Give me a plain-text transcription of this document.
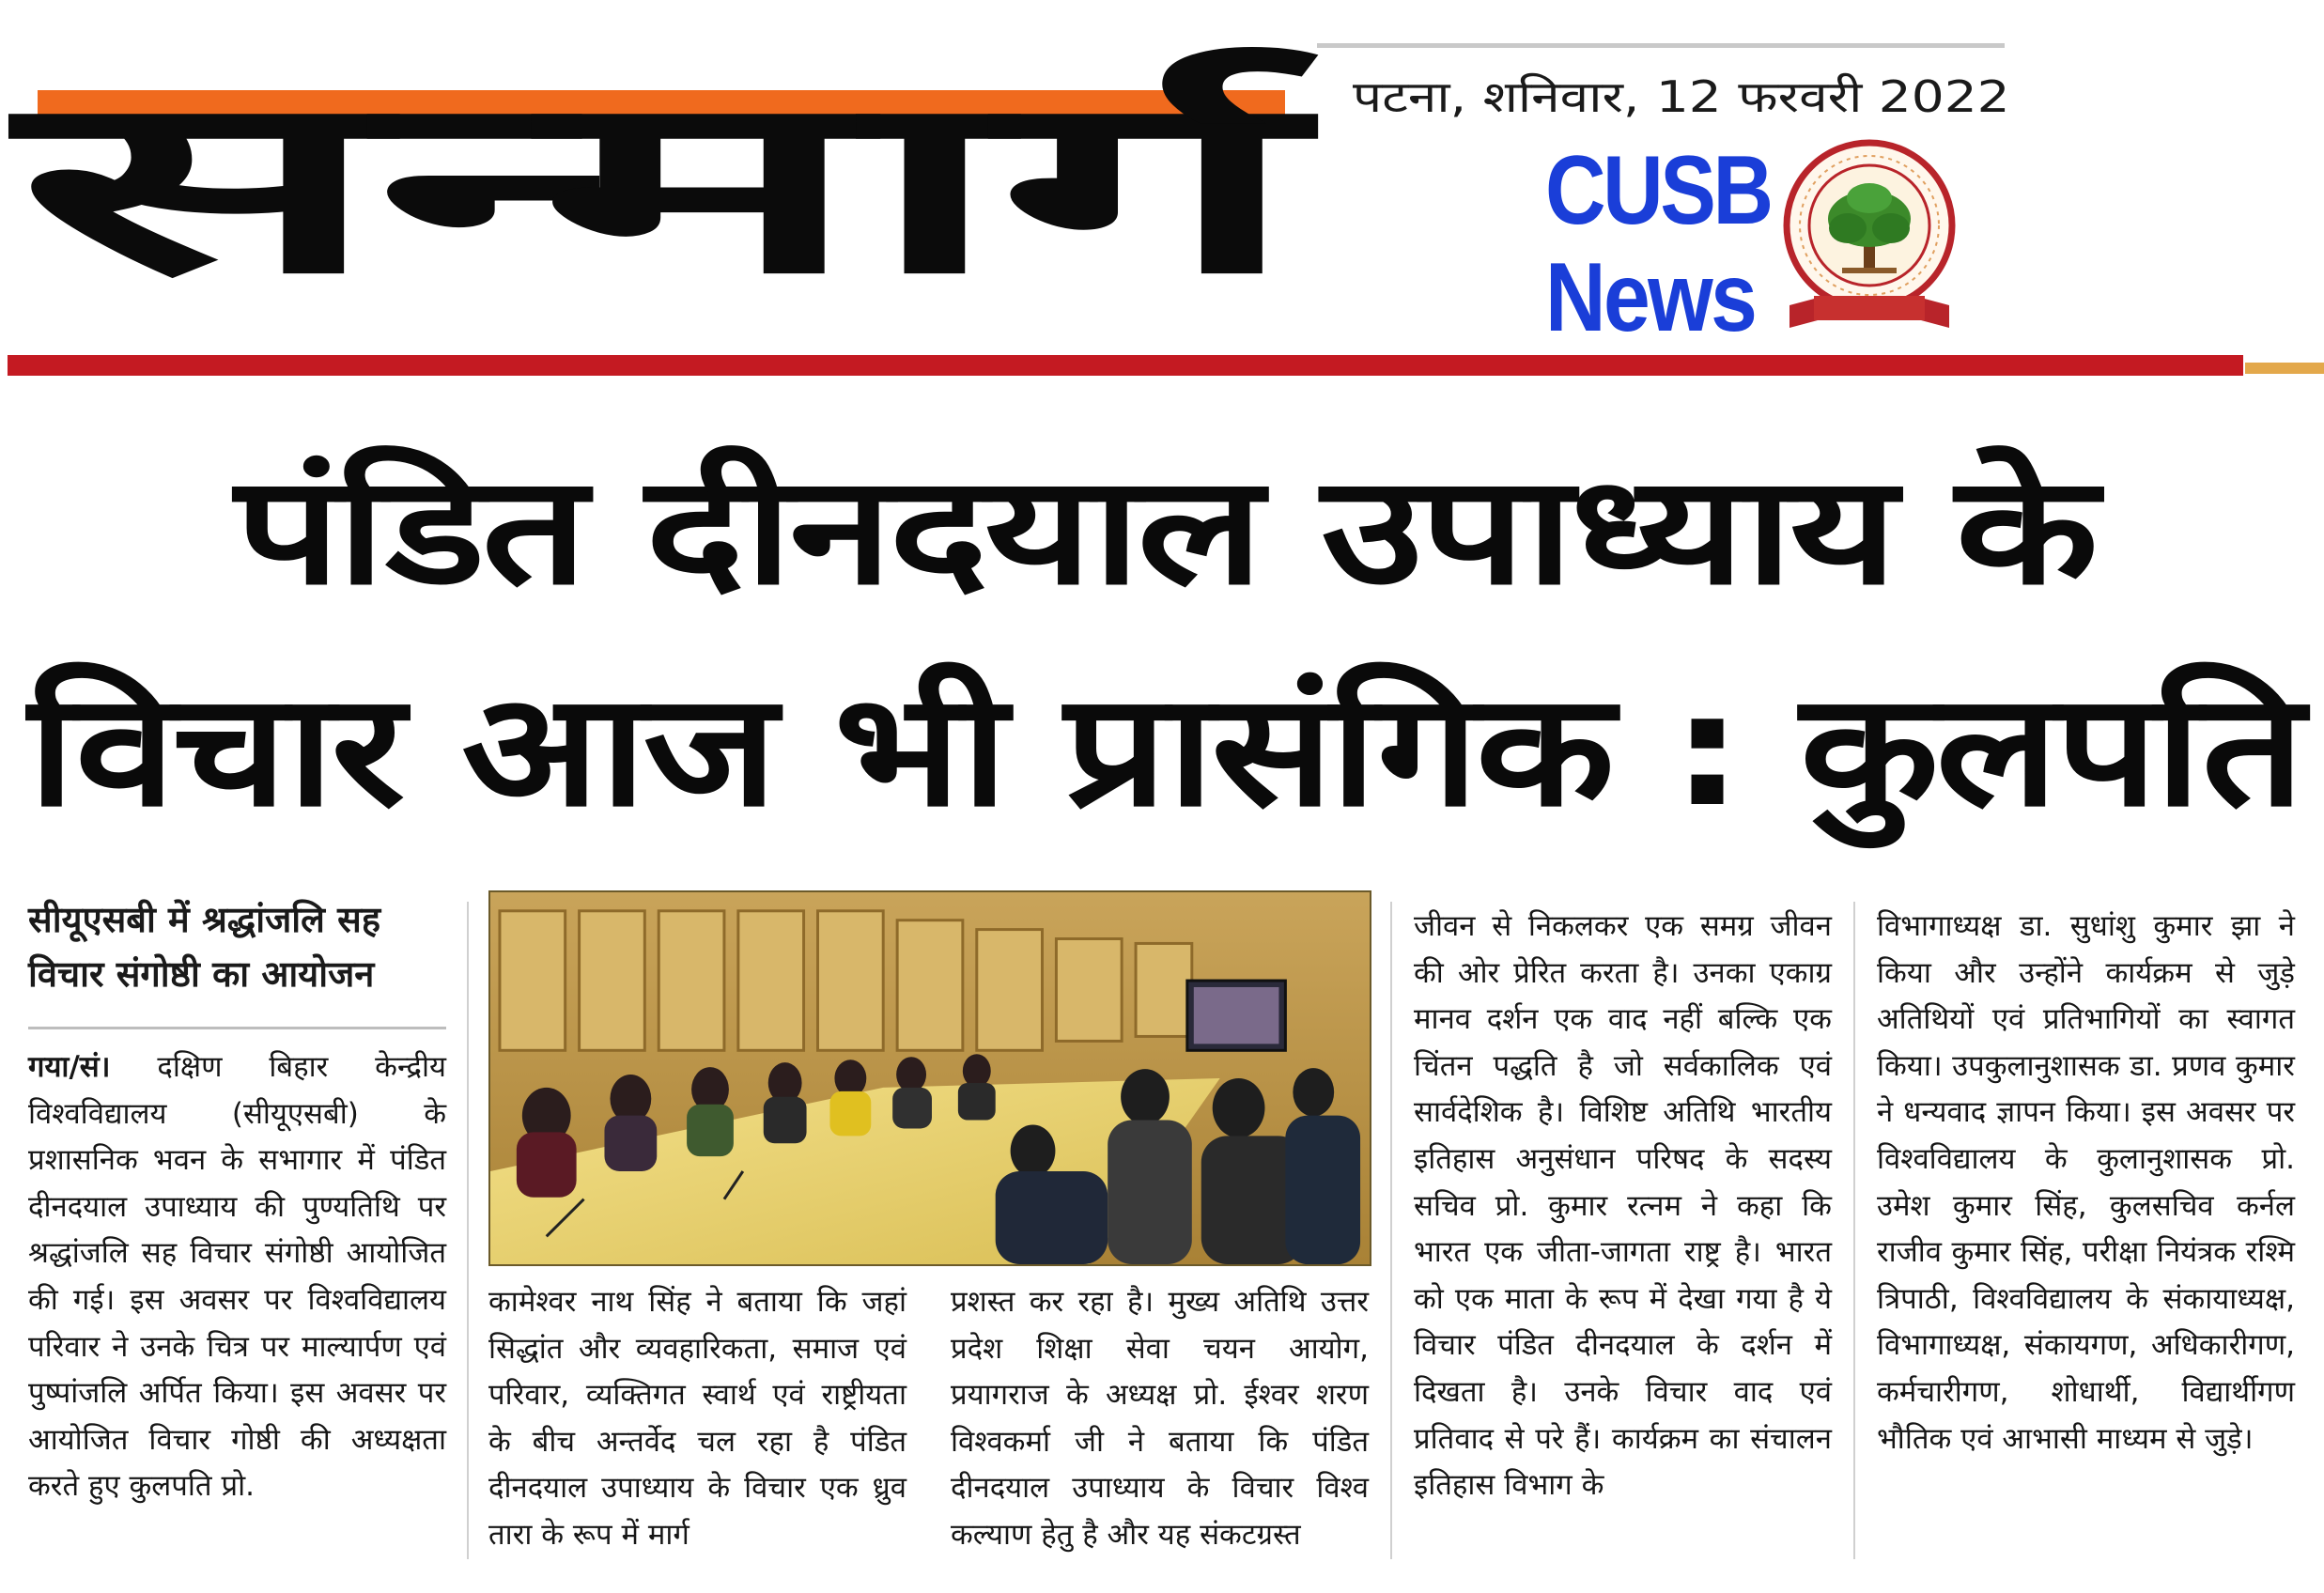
सन्मार्ग पटना, शनिवार, 12 फरवरी 2022
CUSB
News
पंडित दीनदयाल उपाध्याय के
विचार आज भी प्रासंगिक : कुलपति
सीयूएसबी में श्रद्धांजलि सह विचार संगोष्ठी का आयोजन

गया/सं। दक्षिण बिहार केन्द्रीय विश्वविद्यालय (सीयूएसबी) के प्रशासनिक भवन के सभागार में पंडित दीनदयाल उपाध्याय की पुण्यतिथि पर श्रद्धांजलि सह विचार संगोष्ठी आयोजित की गई। इस अवसर पर विश्वविद्यालय परिवार ने उनके चित्र पर माल्यार्पण एवं पुष्पांजलि अर्पित किया। इस अवसर पर आयोजित विचार गोष्ठी की अध्यक्षता करते हुए कुलपति प्रो.

कामेश्वर नाथ सिंह ने बताया कि जहां सिद्धांत और व्यवहारिकता, समाज एवं परिवार, व्यक्तिगत स्वार्थ एवं राष्ट्रीयता के बीच अन्तर्वेद चल रहा है पंडित दीनदयाल उपाध्याय के विचार एक ध्रुव तारा के रूप में मार्ग

प्रशस्त कर रहा है। मुख्य अतिथि उत्तर प्रदेश शिक्षा सेवा चयन आयोग, प्रयागराज के अध्यक्ष प्रो. ईश्वर शरण विश्वकर्मा जी ने बताया कि पंडित दीनदयाल उपाध्याय के विचार विश्व कल्याण हेतु है और यह संकटग्रस्त

जीवन से निकलकर एक समग्र जीवन की ओर प्रेरित करता है। उनका एकाग्र मानव दर्शन एक वाद नहीं बल्कि एक चिंतन पद्धति है जो सर्वकालिक एवं सार्वदेशिक है। विशिष्ट अतिथि भारतीय इतिहास अनुसंधान परिषद के सदस्य सचिव प्रो. कुमार रत्नम ने कहा कि भारत एक जीता-जागता राष्ट्र है। भारत को एक माता के रूप में देखा गया है ये विचार पंडित दीनदयाल के दर्शन में दिखता है। उनके विचार वाद एवं प्रतिवाद से परे हैं। कार्यक्रम का संचालन इतिहास विभाग के

विभागाध्यक्ष डा. सुधांशु कुमार झा ने किया और उन्होंने कार्यक्रम से जुड़े अतिथियों एवं प्रतिभागियों का स्वागत किया। उपकुलानुशासक डा. प्रणव कुमार ने धन्यवाद ज्ञापन किया। इस अवसर पर विश्वविद्यालय के कुलानुशासक प्रो. उमेश कुमार सिंह, कुलसचिव कर्नल राजीव कुमार सिंह, परीक्षा नियंत्रक रश्मि त्रिपाठी, विश्वविद्यालय के संकायाध्यक्ष, विभागाध्यक्ष, संकायगण, अधिकारीगण, कर्मचारीगण, शोधार्थी, विद्यार्थीगण भौतिक एवं आभासी माध्यम से जुड़े।
